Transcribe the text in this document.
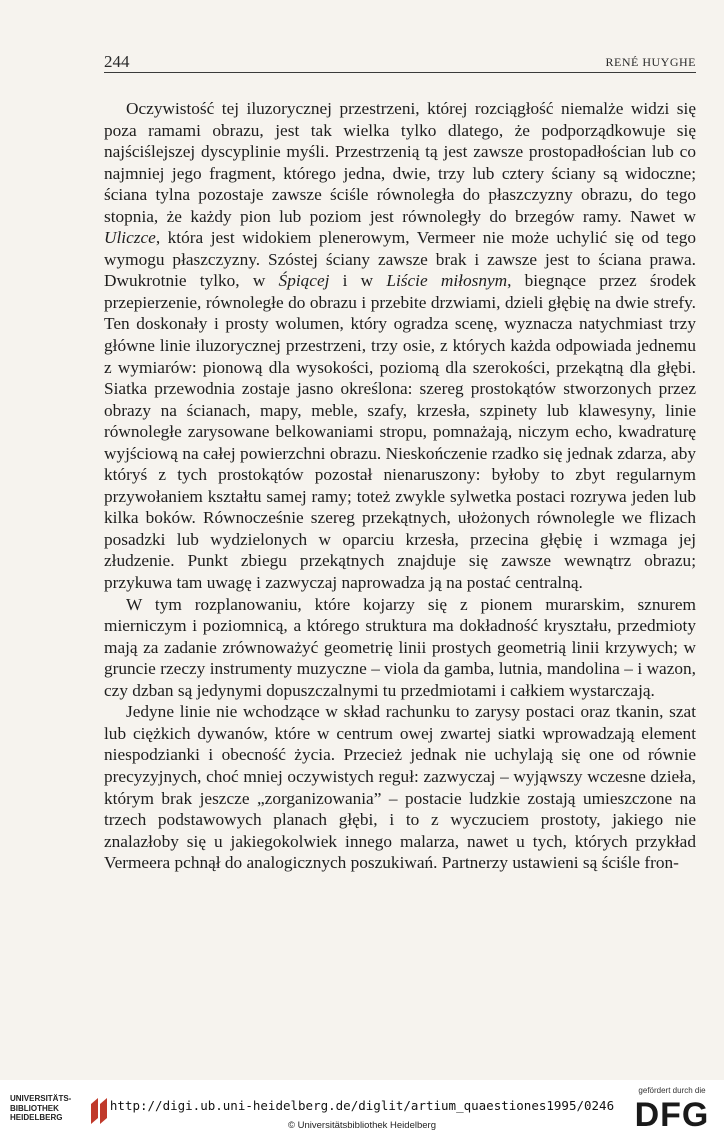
244	RENÉ HUYGHE

Oczywistość tej iluzorycznej przestrzeni, której rozciągłość niemalże widzi się poza ramami obrazu, jest tak wielka tylko dlatego, że podporządkowuje się najściślejszej dyscyplinie myśli. Przestrzenią tą jest zawsze prostopadłościan lub co najmniej jego fragment, którego jedna, dwie, trzy lub cztery ściany są widoczne; ściana tylna pozostaje zawsze ściśle równoległa do płaszczyzny obrazu, do tego stopnia, że każdy pion lub poziom jest równoległy do brzegów ramy. Nawet w Uliczce, która jest widokiem plenerowym, Vermeer nie może uchylić się od tego wymogu płaszczyzny. Szóstej ściany zawsze brak i zawsze jest to ściana prawa. Dwukrotnie tylko, w Śpiącej i w Liście miłosnym, biegnące przez środek przepierzenie, równoległe do obrazu i przebite drzwiami, dzieli głębię na dwie strefy. Ten doskonały i prosty wolumen, który ogradza scenę, wyznacza natychmiast trzy główne linie iluzorycznej przestrzeni, trzy osie, z których każda odpowiada jednemu z wymiarów: pionową dla wysokości, poziomą dla szerokości, przekątną dla głębi. Siatka przewodnia zostaje jasno określona: szereg prostokątów stworzonych przez obrazy na ścianach, mapy, meble, szafy, krzesła, szpinety lub klawesyny, linie równoległe zarysowane belkowaniami stropu, pomnażają, niczym echo, kwadraturę wyjściową na całej powierzchni obrazu. Nieskończenie rzadko się jednak zdarza, aby któryś z tych prostokątów pozostał nienaruszony: byłoby to zbyt regularnym przywołaniem kształtu samej ramy; toteż zwykle sylwetka postaci rozrywa jeden lub kilka boków. Równocześnie szereg przekątnych, ułożonych równolegle we flizach posadzki lub wydzielonych w oparciu krzesła, przecina głębię i wzmaga jej złudzenie. Punkt zbiegu przekątnych znajduje się zawsze wewnątrz obrazu; przykuwa tam uwagę i zazwyczaj naprowadza ją na postać centralną.

W tym rozplanowaniu, które kojarzy się z pionem murarskim, sznurem mierniczym i poziomnicą, a którego struktura ma dokładność kryształu, przedmioty mają za zadanie zrównoważyć geometrię linii prostych geometrią linii krzywych; w gruncie rzeczy instrumenty muzyczne – viola da gamba, lutnia, mandolina – i wazon, czy dzban są jedynymi dopuszczalnymi tu przedmiotami i całkiem wystarczają.

Jedyne linie nie wchodzące w skład rachunku to zarysy postaci oraz tkanin, szat lub ciężkich dywanów, które w centrum owej zwartej siatki wprowadzają element niespodzianki i obecność życia. Przecież jednak nie uchylają się one od równie precyzyjnych, choć mniej oczywistych reguł: zazwyczaj – wyjąwszy wczesne dzieła, którym brak jeszcze „zorganizowania” – postacie ludzkie zostają umieszczone na trzech podstawowych planach głębi, i to z wyczuciem prostoty, jakiego nie znalazłoby się u jakiegokolwiek innego malarza, nawet u tych, których przykład Vermeera pchnął do analogicznych poszukiwań. Partnerzy ustawieni są ściśle fron-

UNIVERSITÄTS-
BIBLIOTHEK
HEIDELBERG
http://digi.ub.uni-heidelberg.de/diglit/artium_quaestiones1995/0246
© Universitätsbibliothek Heidelberg
gefördert durch die
DFG
